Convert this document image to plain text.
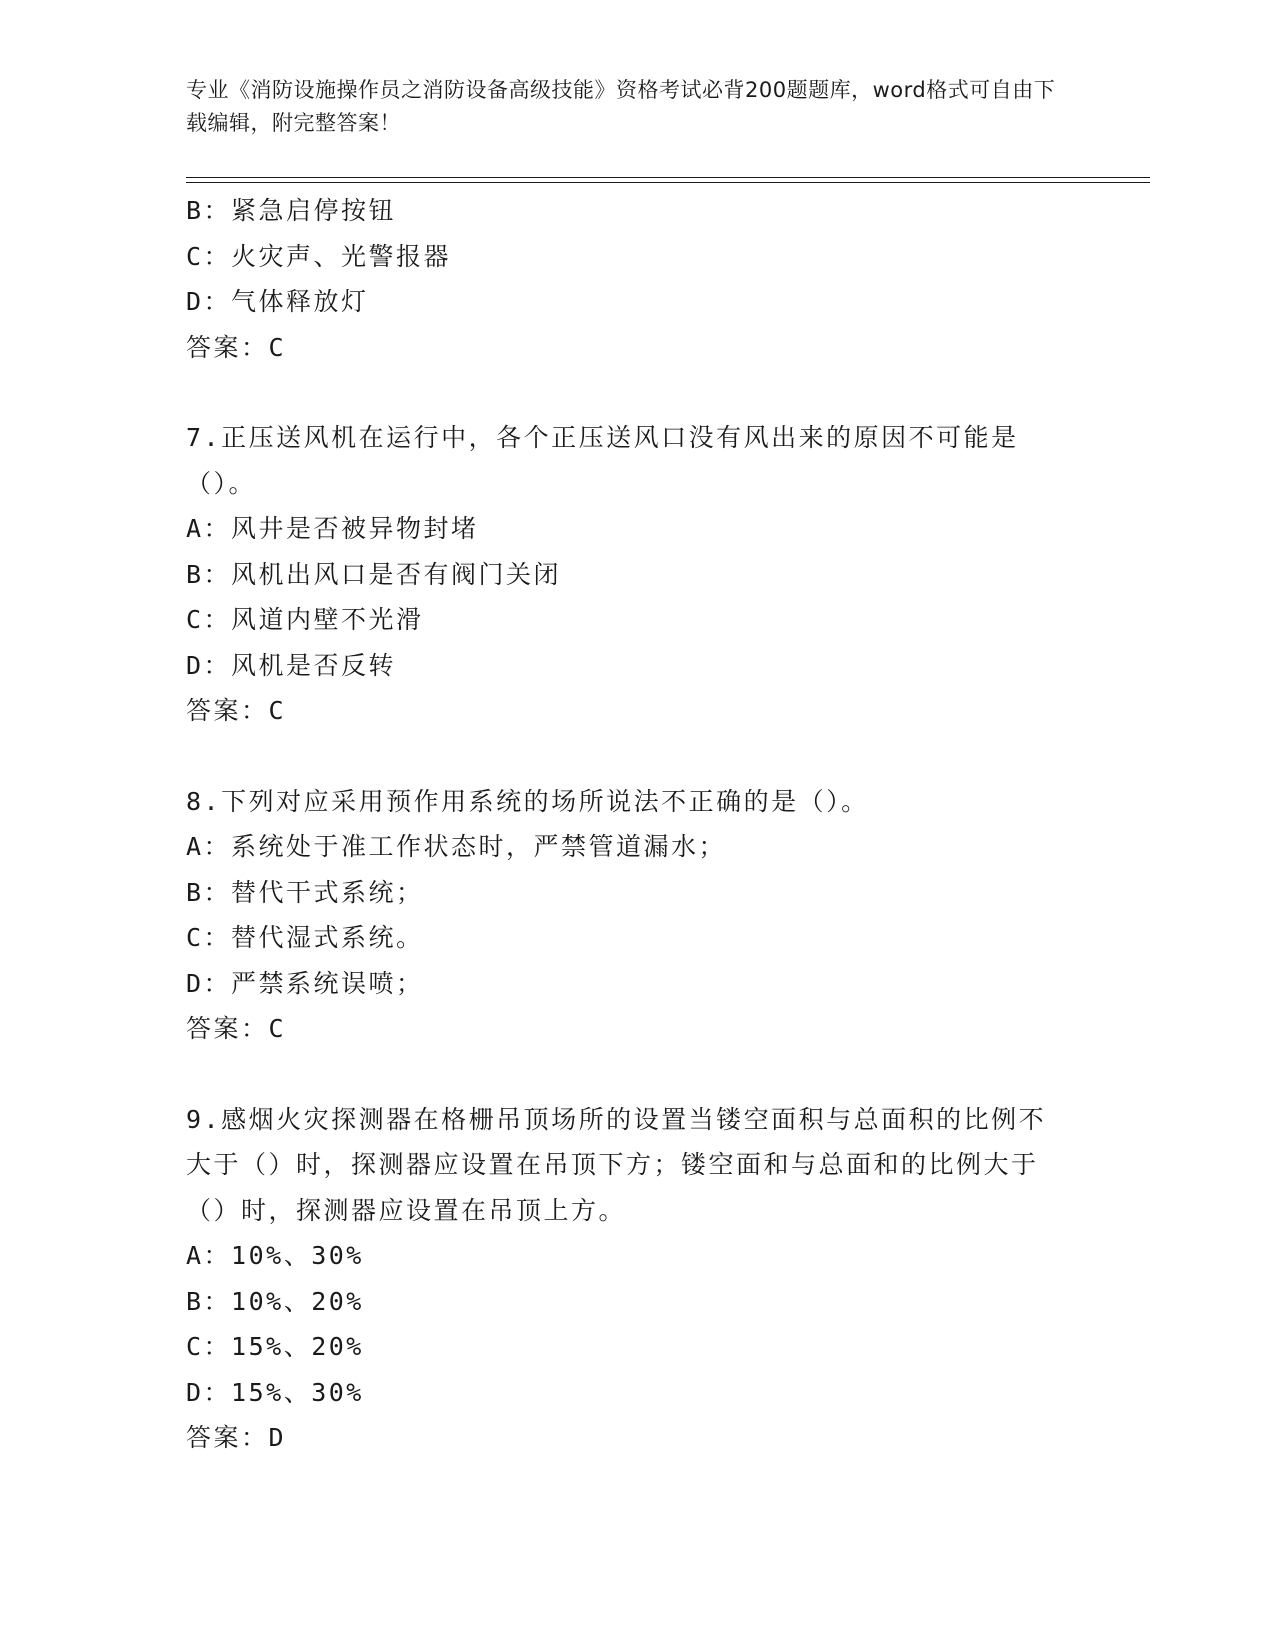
专业《消防设施操作员之消防设备高级技能》资格考试必背200题题库，word格式可自由下载编辑，附完整答案！
B：紧急启停按钮
C：火灾声、光警报器
D：气体释放灯
答案：C
7.正压送风机在运行中，各个正压送风口没有风出来的原因不可能是（）。
A：风井是否被异物封堵
B：风机出风口是否有阀门关闭
C：风道内壁不光滑
D：风机是否反转
答案：C
8.下列对应采用预作用系统的场所说法不正确的是（）。
A：系统处于准工作状态时，严禁管道漏水；
B：替代干式系统；
C：替代湿式系统。
D：严禁系统误喷；
答案：C
9.感烟火灾探测器在格栅吊顶场所的设置当镂空面积与总面积的比例不大于（）时，探测器应设置在吊顶下方；镂空面和与总面和的比例大于（）时，探测器应设置在吊顶上方。
A：10%、30%
B：10%、20%
C：15%、20%
D：15%、30%
答案：D
